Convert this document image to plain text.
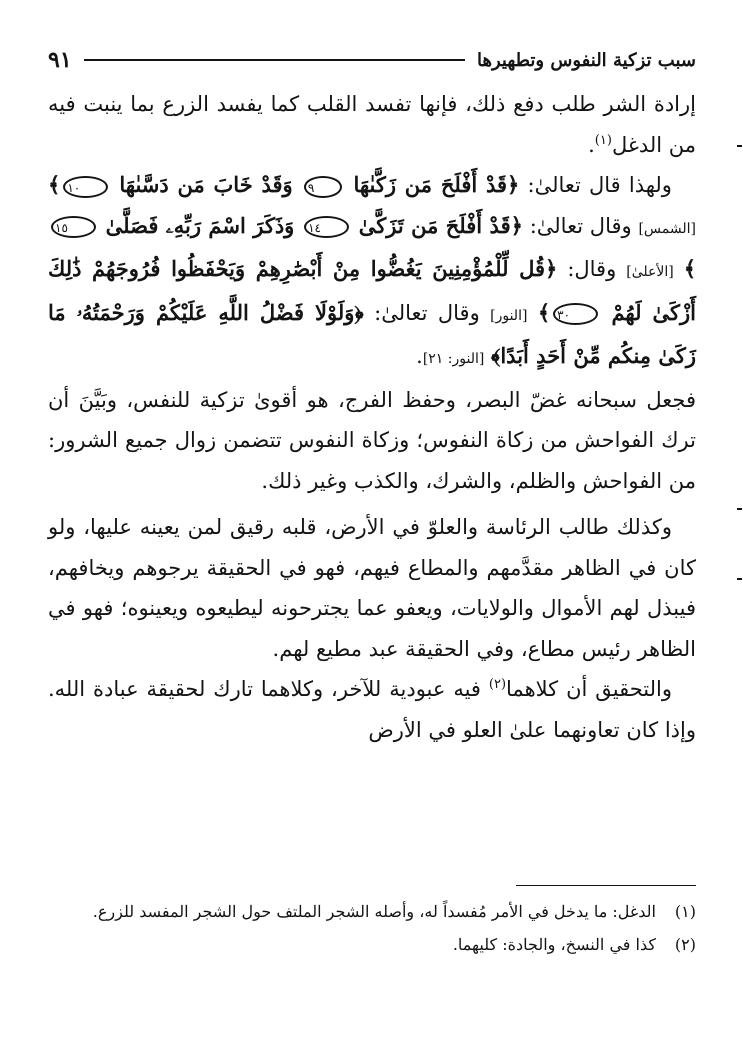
سبب تزكية النفوس وتطهيرها
٩١

إرادة الشر طلب دفع ذلك، فإنها تفسد القلب كما يفسد الزرع بما ينبت فيه من الدغل$^{(١)}$.

ولهذا قال تعالىٰ: ﴿قَدْ أَفْلَحَ مَن زَكَّىٰهَا ٩ وَقَدْ خَابَ مَن دَسَّىٰهَا ١٠﴾ [الشمس] وقال تعالىٰ: ﴿قَدْ أَفْلَحَ مَن تَزَكَّىٰ ١٤ وَذَكَرَ اسْمَ رَبِّهِۦ فَصَلَّىٰ ١٥﴾ [الأعلىٰ] وقال: ﴿قُل لِّلْمُؤْمِنِينَ يَغُضُّوا مِنْ أَبْصَٰرِهِمْ وَيَحْفَظُوا فُرُوجَهُمْ ذَٰلِكَ أَزْكَىٰ لَهُمْ ٣٠﴾ [النور] وقال تعالىٰ: ﴿وَلَوْلَا فَضْلُ اللَّهِ عَلَيْكُمْ وَرَحْمَتُهُۥ مَا زَكَىٰ مِنكُم مِّنْ أَحَدٍ أَبَدًا﴾ [النور: ٢١].

فجعل سبحانه غضّ البصر، وحفظ الفرج، هو أقوىٰ تزكية للنفس، وبَيَّنَ أن ترك الفواحش من زكاة النفوس؛ وزكاة النفوس تتضمن زوال جميع الشرور: من الفواحش والظلم، والشرك، والكذب وغير ذلك.

وكذلك طالب الرئاسة والعلوّ في الأرض، قلبه رقيق لمن يعينه عليها، ولو كان في الظاهر مقدَّمهم والمطاع فيهم، فهو في الحقيقة يرجوهم ويخافهم، فيبذل لهم الأموال والولايات، ويعفو عما يجترحونه ليطيعوه ويعينوه؛ فهو في الظاهر رئيس مطاع، وفي الحقيقة عبد مطيع لهم.

والتحقيق أن كلاهما$^{(٢)}$ فيه عبودية للآخر، وكلاهما تارك لحقيقة عبادة الله. وإذا كان تعاونهما علىٰ العلو في الأرض

(١)
الدغل: ما يدخل في الأمر مُفسداً له، وأصله الشجر الملتف حول الشجر المفسد للزرع.
(٢)
كذا في النسخ، والجادة: كليهما.
